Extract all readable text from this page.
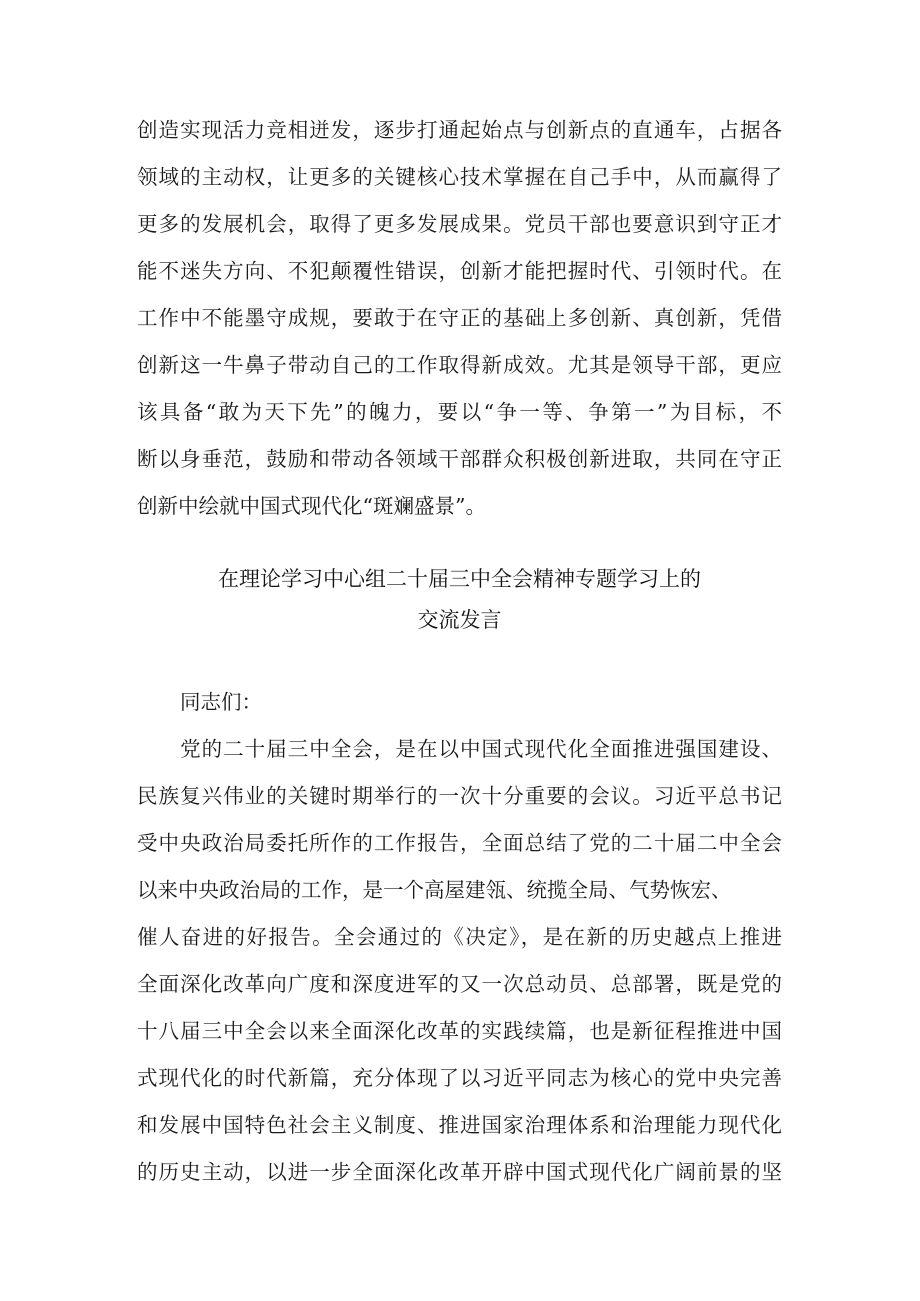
创造实现活力竞相迸发，逐步打通起始点与创新点的直通车，占据各
领域的主动权，让更多的关键核心技术掌握在自己手中，从而赢得了
更多的发展机会，取得了更多发展成果。党员干部也要意识到守正才
能不迷失方向、不犯颠覆性错误，创新才能把握时代、引领时代。在
工作中不能墨守成规，要敢于在守正的基础上多创新、真创新，凭借
创新这一牛鼻子带动自己的工作取得新成效。尤其是领导干部，更应
该具备“敢为天下先”的魄力，要以“争一等、争第一”为目标，不
断以身垂范，鼓励和带动各领域干部群众积极创新进取，共同在守正
创新中绘就中国式现代化“斑斓盛景”。
在理论学习中心组二十届三中全会精神专题学习上的
交流发言
同志们：
　　党的二十届三中全会，是在以中国式现代化全面推进强国建设、
民族复兴伟业的关键时期举行的一次十分重要的会议。习近平总书记
受中央政治局委托所作的工作报告，全面总结了党的二十届二中全会
以来中央政治局的工作，是一个高屋建瓴、统揽全局、气势恢宏、
催人奋进的好报告。全会通过的《决定》，是在新的历史越点上推进
全面深化改革向广度和深度进军的又一次总动员、总部署，既是党的
十八届三中全会以来全面深化改革的实践续篇，也是新征程推进中国
式现代化的时代新篇，充分体现了以习近平同志为核心的党中央完善
和发展中国特色社会主义制度、推进国家治理体系和治理能力现代化
的历史主动，以进一步全面深化改革开辟中国式现代化广阔前景的坚
